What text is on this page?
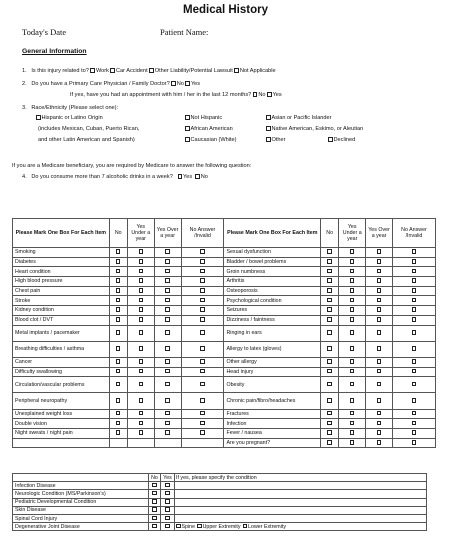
Medical History
Today's Date	Patient Name:
General Information
1. Is this injury related to? Work Car Accident Other Liability/Potential Lawsuit Not Applicable
2. Do you have a Primary Care Physician / Family Doctor? No Yes
If yes, have you had an appointment with him / her in the last 12 months? No Yes
3. Race/Ethnicity (Please select one):
Hispanic or Latino Origin
(includes Mexican, Cuban, Puerto Rican,
and other Latin American and Spanish)
Not Hispanic
African American
Caucasian (White)
Asian or Pacific Islander
Native American, Eskimo, or Aleutian
Other	Declined
If you are a Medicare beneficiary, you are required by Medicare to answer the following question:
4. Do you consume more than 7 alcoholic drinks in a week? Yes No
Please Mark One Box For Each Item	No	Yes Under a year	Yes Over a year	No Answer /Invalid	Please Mark One Box For Each Item	No	Yes Under a year	Yes Over a year	No Answer /Invalid
Smoking					Sexual dysfunction				
Diabetes					Bladder / bowel problems				
Heart condition					Groin numbness				
High blood pressure					Arthritis				
Chest pain					Osteoporosis				
Stroke					Psychological condition				
Kidney condition					Seizures				
Blood clot / DVT					Dizziness / faintness				
Metal implants / pacemaker					Ringing in ears				
Breathing difficulties / asthma					Allergy to latex (gloves)				
Cancer					Other allergy				
Difficulty swallowing					Head injury				
Circulation/vascular problems					Obesity				
Peripheral neuropathy					Chronic pain/fibro/headaches				
Unexplained weight loss					Fractures				
Double vision					Infection				
Night sweats / night pain					Fever / nausea				
					Are you pregnant?				
	No	Yes	If yes, please specify the condition
Infection Disease			
Neurologic Condition (MS/Parkinson's)			
Pediatric Developmental Condition			
Skin Disease			
Spinal Cord Injury			
Degenerative Joint Disease			Spine Upper Extremity Lower Extremity
